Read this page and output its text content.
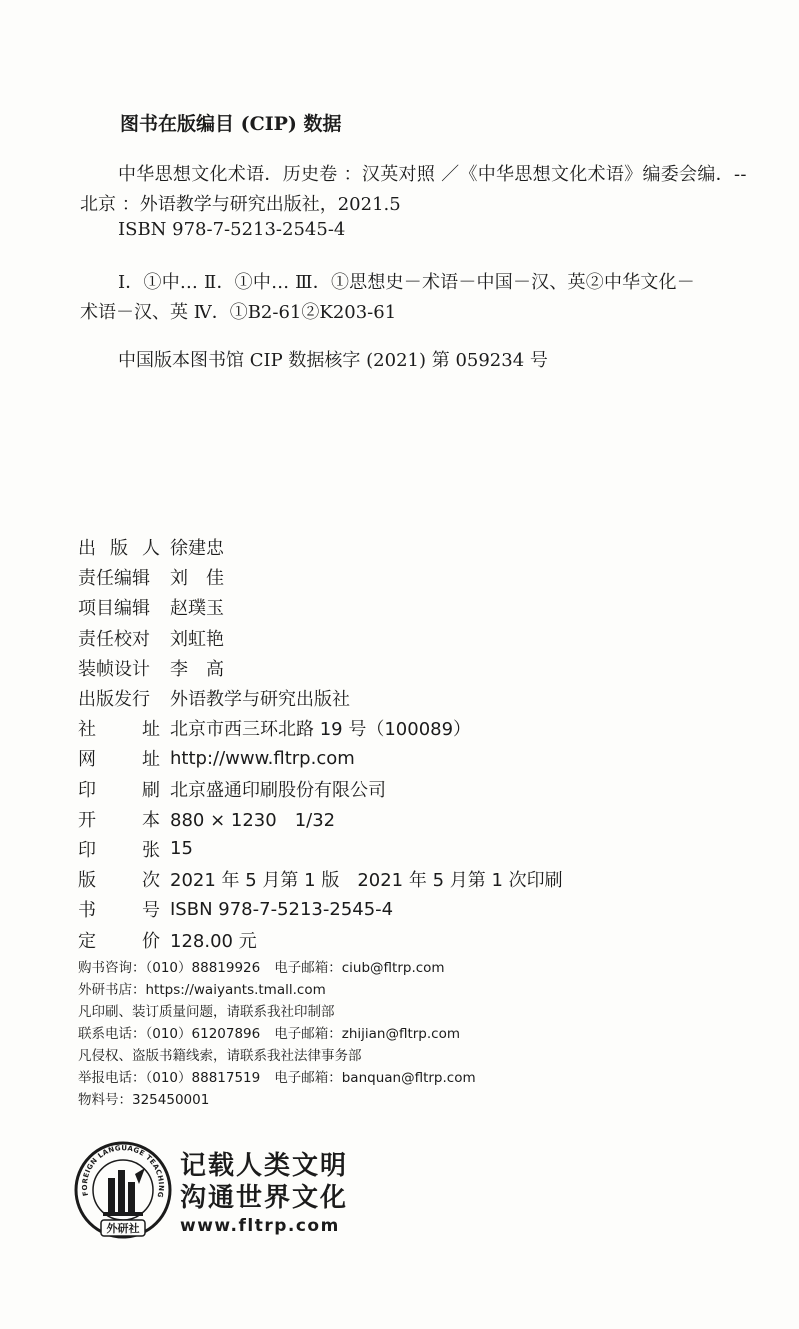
图书在版编目 (CIP) 数据
中华思想文化术语．历史卷 ：汉英对照 ／《中华思想文化术语》编委会编．--
北京 ：外语教学与研究出版社，2021.5
ISBN 978-7-5213-2545-4
Ⅰ．①中… Ⅱ．①中… Ⅲ．①思想史－术语－中国－汉、英②中华文化－
术语－汉、英 Ⅳ．①B2-61②K203-61
中国版本图书馆 CIP 数据核字 (2021) 第 059234 号
出 版 人 徐建忠
责任编辑 刘　佳
项目编辑 赵璞玉
责任校对 刘虹艳
装帧设计 李　高
出版发行 外语教学与研究出版社
社	址 北京市西三环北路 19 号（100089）
网	址 http://www.fltrp.com
印	刷 北京盛通印刷股份有限公司
开	本 880 × 1230　1/32
印	张 15
版	次 2021 年 5 月第 1 版　2021 年 5 月第 1 次印刷
书	号 ISBN 978-7-5213-2545-4
定	价 128.00 元
购书咨询：（010）88819926 电子邮箱：ciub@fltrp.com
外研书店：https://waiyants.tmall.com
凡印刷、装订质量问题，请联系我社印制部
联系电话：（010）61207896 电子邮箱：zhijian@fltrp.com
凡侵权、盗版书籍线索，请联系我社法律事务部
举报电话：（010）88817519 电子邮箱：banquan@fltrp.com
物料号：325450001
FOREIGN LANGUAGE TEACHING
外研社
记载人类文明
沟通世界文化
www.fltrp.com
